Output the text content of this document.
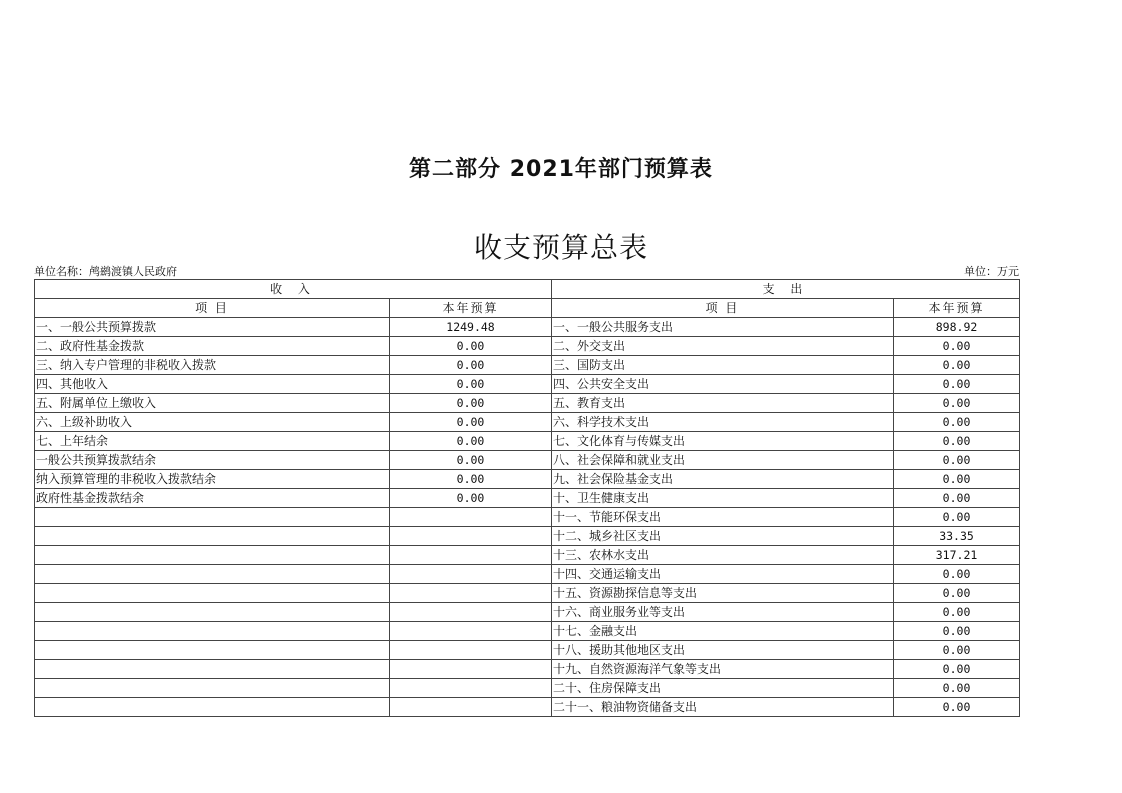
第二部分 2021年部门预算表
收支预算总表
单位名称：鸬鹚渡镇人民政府	单位：万元
收 入		支 出	
项 目	本年预算	项 目	本年预算
一、一般公共预算拨款	1249.48	一、一般公共服务支出	898.92
二、政府性基金拨款	0.00	二、外交支出	0.00
三、纳入专户管理的非税收入拨款	0.00	三、国防支出	0.00
四、其他收入	0.00	四、公共安全支出	0.00
五、附属单位上缴收入	0.00	五、教育支出	0.00
六、上级补助收入	0.00	六、科学技术支出	0.00
七、上年结余	0.00	七、文化体育与传媒支出	0.00
一般公共预算拨款结余	0.00	八、社会保障和就业支出	0.00
纳入预算管理的非税收入拨款结余	0.00	九、社会保险基金支出	0.00
政府性基金拨款结余	0.00	十、卫生健康支出	0.00
		十一、节能环保支出	0.00
		十二、城乡社区支出	33.35
		十三、农林水支出	317.21
		十四、交通运输支出	0.00
		十五、资源勘探信息等支出	0.00
		十六、商业服务业等支出	0.00
		十七、金融支出	0.00
		十八、援助其他地区支出	0.00
		十九、自然资源海洋气象等支出	0.00
		二十、住房保障支出	0.00
		二十一、粮油物资储备支出	0.00
